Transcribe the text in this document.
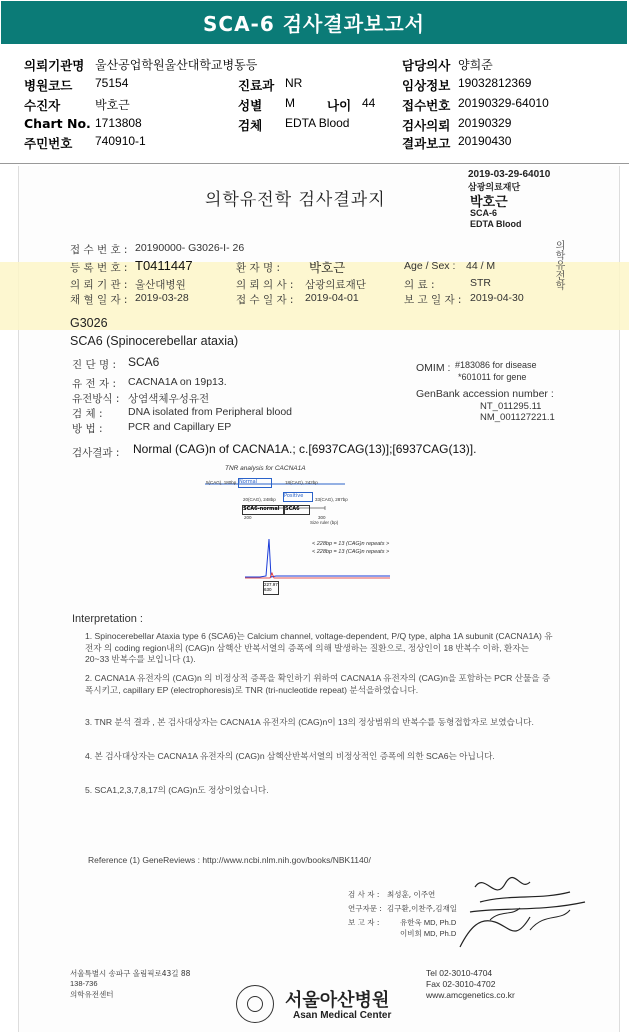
SCA-6 검사결과보고서
의뢰기관명 울산공업학원울산대학교병동등	담당의사 양희준
병원코드 75154	진료과 NR	임상정보 19032812369
수진자	박호근	성별 M	나이 44 접수번호 20190329-64010
Chart No. 1713808	검체 EDTA Blood	검사의뢰 20190329
주민번호 740910-1	결과보고 20190430
2019-03-29-64010
삼광의료재단
박호근
SCA-6
EDTA Blood
의학유전학 검사결과지
의학유전학
접 수 번 호 : 20190000- G3026-I- 26
등 록 번 호 : T0411447	환 자 명 : 박호근	Age / Sex : 44 / M
의 뢰 기 관 : 울산대병원	의 뢰 의 사 : 삼광의료재단	의 료 :	STR
채 혈 일 자 : 2019-03-28	접 수 일 자 : 2019-04-01	보 고 일 자 : 2019-04-30
G3026
SCA6 (Spinocerebellar ataxia)
진 단 명 : SCA6
유 전 자 : CACNA1A on 19p13.
유전방식 : 상염색체우성유전
검 체 : DNA isolated from Peripheral blood
방 법 : PCR and Capillary EP
OMIM : #183086 for disease
*601011 for gene
GenBank accession number :
NT_011295.11
NM_001127221.1
검사결과 : Normal (CAG)n of CACNA1A.; c.[6937CAG(13)];[6937CAG(13)].
TNR analysis for CACNA1A
5(CAG), 180bp Normal	18(CAG), 242bp
20(CAG), 248bp
Positive
33(CAG), 287bp
SCA6-normal	SCA6
200	300
Size ruler (bp)
< 228bp = 13 (CAG)n repeats >
< 228bp = 13 (CAG)n repeats >
227.97
630
Interpretation :
1. Spinocerebellar Ataxia type 6 (SCA6)는 Calcium channel, voltage-dependent, P/Q type, alpha 1A subunit (CACNA1A) 유전자 의 coding region내의 (CAG)n 삼핵산 반복서열의 증폭에 의해 발생하는 질환으로, 정상인이 18 반복수 이하, 환자는 20~33 반복수를 보입니다 (1).
2. CACNA1A 유전자의 (CAG)n 의 비정상적 증폭을 확인하기 위하여 CACNA1A 유전자의 (CAG)n을 포함하는 PCR 산물을 증폭시키고, capillary EP (electrophoresis)로 TNR (tri-nucleotide repeat) 분석을하였습니다.
3. TNR 분석 결과 , 본 검사대상자는 CACNA1A 유전자의 (CAG)n이 13의 정상범위의 반복수를 동형접합자로 보였습니다.
4. 본 검사대상자는 CACNA1A 유전자의 (CAG)n 삼핵산반복서열의 비정상적인 증폭에 의한 SCA6는 아닙니다.
5. SCA1,2,3,7,8,17의 (CAG)n도 정상이었습니다.
Reference (1) GeneReviews : http://www.ncbi.nlm.nih.gov/books/NBK1140/
검 사 자 : 최성훈, 이주연
연구자문 : 김구환,이찬주,김재일
보 고 자 :	유한욱 MD, Ph.D
이비희 MD, Ph.D
서울특별시 송파구 올림픽로43길 88
138-736
의학유전센터	서울아산병원
Asan Medical Center
Tel 02-3010-4704
Fax 02-3010-4702
www.amcgenetics.co.kr
